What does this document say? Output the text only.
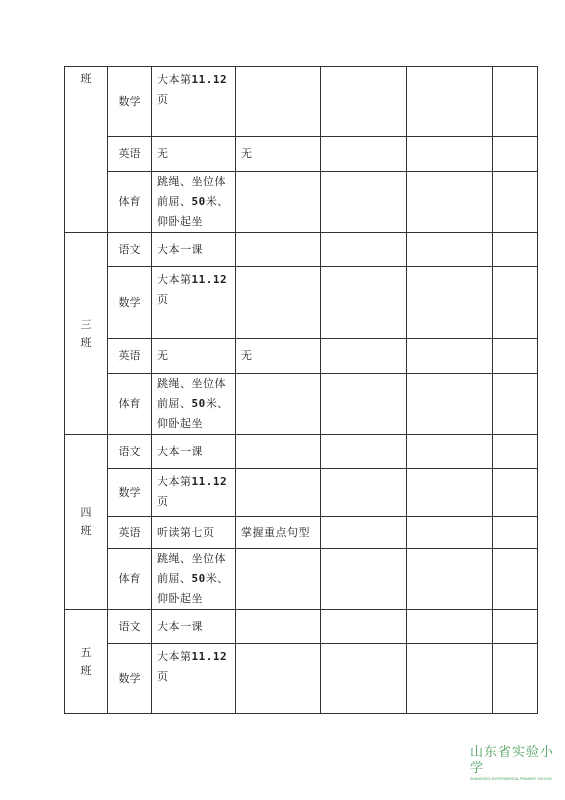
班	数学	大本第11.12页				
	英语	无	无			
	体育	跳绳、坐位体前屈、50米、仰卧起坐				

三
班	语文	大本一课				
	数学	大本第11.12页				
	英语	无	无			
	体育	跳绳、坐位体前屈、50米、仰卧起坐				

四
班	语文	大本一课				
	数学	大本第11.12页				
	英语	听读第七页	掌握重点句型			
	体育	跳绳、坐位体前屈、50米、仰卧起坐				

五
班	语文	大本一课				
	数学	大本第11.12页				
山东省实验小学
SHANDONG EXPERIMENTAL PRIMARY SCHOOL
